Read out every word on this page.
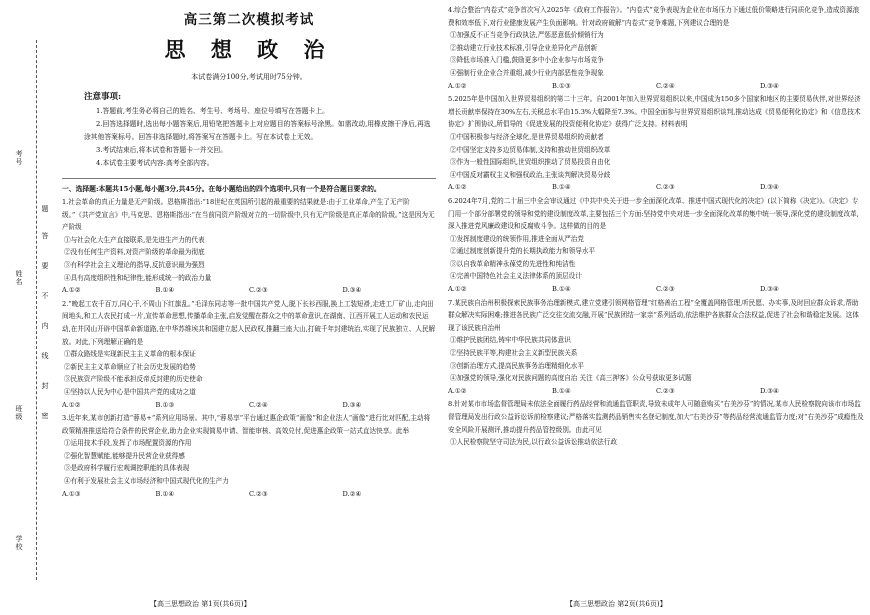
考号
姓名
班级
学校
题
答
要
不
内
线
封
密
高三第二次模拟考试
思 想 政 治
本试卷满分100分,考试用时75分钟。
注意事项:
1.答题前,考生务必将自己的姓名、考生号、考场号、座位号填写在答题卡上。
2.回答选择题时,选出每小题答案后,用铅笔把答题卡上对应题目的答案标号涂黑。如需改动,用橡皮擦干净后,再选涂其他答案标号。回答非选择题时,将答案写在答题卡上。写在本试卷上无效。
3.考试结束后,将本试卷和答题卡一并交回。
4.本试卷主要考试内容:高考全部内容。
一、选择题:本题共15小题,每小题3分,共45分。在每小题给出的四个选项中,只有一个是符合题目要求的。

1.社会革命的真正力量是无产阶级。恩格斯指出:“18世纪在英国所引起的最重要的结果就是:由于工业革命,产生了无产阶级。”《共产党宣言》中,马克思、恩格斯指出:“在当前同资产阶级对立的一切阶级中,只有无产阶级是真正革命的阶级。”这是因为无产阶级

①与社会化大生产直接联系,是先进生产力的代表

②没有任何生产资料,对资产阶级的革命最为彻底

③有科学社会主义理论的指导,反抗意识最为强烈

④具有高度组织性和纪律性,能形成统一的政治力量

A.①②	B.①④	C.②③	D.③④

2.“晚起工农千百万,同心干,不周山下红旗乱。”毛泽东同志等一批中国共产党人,脱下长衫西服,换上工装短褂,走进工厂矿山,走向田间地头,和工人农民打成一片,宣传革命思想,传播革命主张,启发觉醒在群众之中的革命意识,在湖南、江西开展工人运动和农民运动,在井冈山开辟中国革命新道路,在中华苏维埃共和国建立起人民政权,推翻三座大山,打破千年封建统治,实现了民族独立、人民解放。对此,下列理解正确的是

①群众路线是实现新民主主义革命的根本保证

②新民主主义革命顺应了社会历史发展的趋势

③民族资产阶级不能承担反帝反封建的历史使命

④坚持以人民为中心是中国共产党的成功之道

A.①②	B.①③	C.②④	D.③④

3.近年来,某市创新打造“蓉易+”系列应用场景。其中,“蓉易享”平台通过惠企政策“画像”和企业法人“画像”进行比对匹配,主动将政策精准推送给符合条件的民营企业,助力企业实现简易申请、智能审核、高效兑付,促进惠企政策一站式直达快享。此举

①运用技术手段,发挥了市场配置资源的作用

②强化智慧赋能,能够提升民营企业获得感

③是政府科学履行宏观调控职能的具体表现

④有利于发展社会主义市场经济和中国式现代化的生产力

A.①③	B.①④	C.②③	D.②④
【高三思想政治 第1页(共6页)】

4.综合整治“内卷式”竞争首次写入2025年《政府工作报告》。“内卷式”竞争表现为企业在市场压力下通过低价策略进行同质化竞争,造成资源浪费和效率低下,对行业健康发展产生负面影响。针对政府破解“内卷式”竞争难题,下列建议合理的是

①加强反不正当竞争行政执法,严惩恶意低价倾销行为

②推动建立行业技术标准,引导企业差异化产品创新

③降低市场准入门槛,鼓励更多中小企业参与市场竞争

④强制行业企业合并重组,减少行业内部恶性竞争现象

A.①②	B.①③	C.②④	D.③④

5.2025年是中国加入世界贸易组织的第二十三年。自2001年加入世界贸易组织以来,中国成为150多个国家和地区的主要贸易伙伴,对世界经济增长贡献率保持在30%左右,关税总水平由15.3%大幅降至7.3%。中国全面参与世界贸易组织谈判,推动达成《贸易便利化协定》和《信息技术协定》扩围协议,所倡导的《促进发展的投资便利化协定》获得广泛支持。材料表明

①中国积极参与经济全球化,是世界贸易组织的贡献者

②中国坚定支持多边贸易体制,支持和推动世贸组织改革

③作为一般性国际组织,世贸组织推动了贸易投资自由化

④中国反对霸权主义和强权政治,主张谈判解决贸易分歧

A.①②	B.①④	C.②③	D.③④

6.2024年7月,党的二十届三中全会审议通过《中共中央关于进一步全面深化改革、推进中国式现代化的决定》(以下简称《决定》)。《决定》专门用一个部分部署党的领导和党的建设制度改革,主要包括三个方面:坚持党中央对进一步全面深化改革的集中统一领导,深化党的建设制度改革,深入推进党风廉政建设和反腐败斗争。这样做的目的是

①发挥制度建设的统领作用,推进全面从严治党

②通过制度创新提升党的长期执政能力和领导水平

③以自我革命精神永葆党的先进性和纯洁性

④完善中国特色社会主义法律体系的顶层设计

A.①②	B.①④	C.②③	D.③④

7.某民族自治州积极探索民族事务治理新模式,建立党建引领网格管理“红格善治工程”全覆盖网格管理,听民愿、办实事,及时回应群众诉求,帮助群众解决实际困难;推进各民族广泛交往交流交融,开展“民族团结一家亲”系列活动,依法维护各族群众合法权益,促进了社会和谐稳定发展。这体现了该民族自治州

①维护民族团结,铸牢中华民族共同体意识

②坚持民族平等,构建社会主义新型民族关系

③创新治理方式,提高民族事务治理精细化水平

④加强党的领导,强化对民族问题的高度自治 关注《高三押客》公众号获取更多试题

A.①②	B.①④	C.②③	D.③④

8.针对某市市场监督管理局未依法全面履行药品经营和流通监管职责,导致未成年人可随意购买“右美沙芬”的情况,某市人民检察院向该市市场监督管理局发出行政公益诉讼诉前检察建议;严格落实监测药品销售实名登记制度,加大“右美沙芬”等药品经营流通监管力度;对“右美沙芬”成瘾性及安全风险开展测评,推动提升药品管控级别。由此可见

①人民检察院坚守司法为民,以行政公益诉讼推动依法行政

【高三思想政治 第2页(共6页)】
